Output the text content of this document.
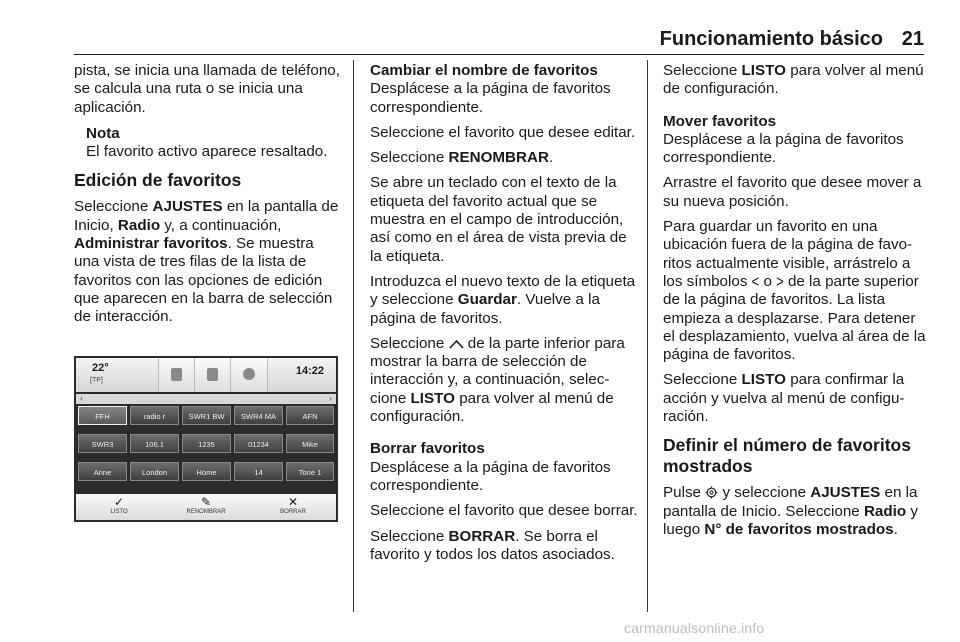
Funcionamiento básico 21

pista, se inicia una llamada de teléfono, se calcula una ruta o se inicia una aplicación.

Nota
El favorito activo aparece resaltado.
Edición de favoritos

Seleccione AJUSTES en la pantalla de Inicio, Radio y, a continuación, Administrar favoritos. Se muestra una vista de tres filas de la lista de favoritos con las opciones de edición que aparecen en la barra de selección de interacción.

22°
[TP]
14:22
‹	›
FFH	radio r	SWR1 BW	SWR4 MA	AFN
SWR3	106.1	1235	01234	Mike
Anne	London	Home	14	Tone 1
✓
LISTO
✎
RENOMBRAR
✕
BORRAR
Cambiar el nombre de favoritos

Desplácese a la página de favoritos correspondiente.

Seleccione el favorito que desee editar.

Seleccione RENOMBRAR.

Se abre un teclado con el texto de la etiqueta del favorito actual que se muestra en el campo de introducción, así como en el área de vista previa de la etiqueta.

Introduzca el nuevo texto de la etiqueta y seleccione Guardar. Vuelve a la página de favoritos.

Seleccione
de la parte inferior para mostrar la barra de selección de interacción y, a continuación, seleccione LISTO para volver al menú de configuración.

Borrar favoritos

Desplácese a la página de favoritos correspondiente.

Seleccione el favorito que desee borrar.

Seleccione BORRAR. Se borra el favorito y todos los datos asociados.

Seleccione LISTO para volver al menú de configuración.

Mover favoritos

Desplácese a la página de favoritos correspondiente.

Arrastre el favorito que desee mover a su nueva posición.

Para guardar un favorito en una ubicación fuera de la página de favoritos actualmente visible, arrástrelo a los símbolos < o > de la parte superior de la página de favoritos. La lista empieza a desplazarse. Para detener el desplazamiento, vuelva al área de la página de favoritos.

Seleccione LISTO para confirmar la acción y vuelva al menú de configuración.

Definir el número de favoritos mostrados

Pulse
y seleccione AJUSTES en la pantalla de Inicio. Seleccione Radio y luego N° de favoritos mostrados.

carmanualsonline.info
